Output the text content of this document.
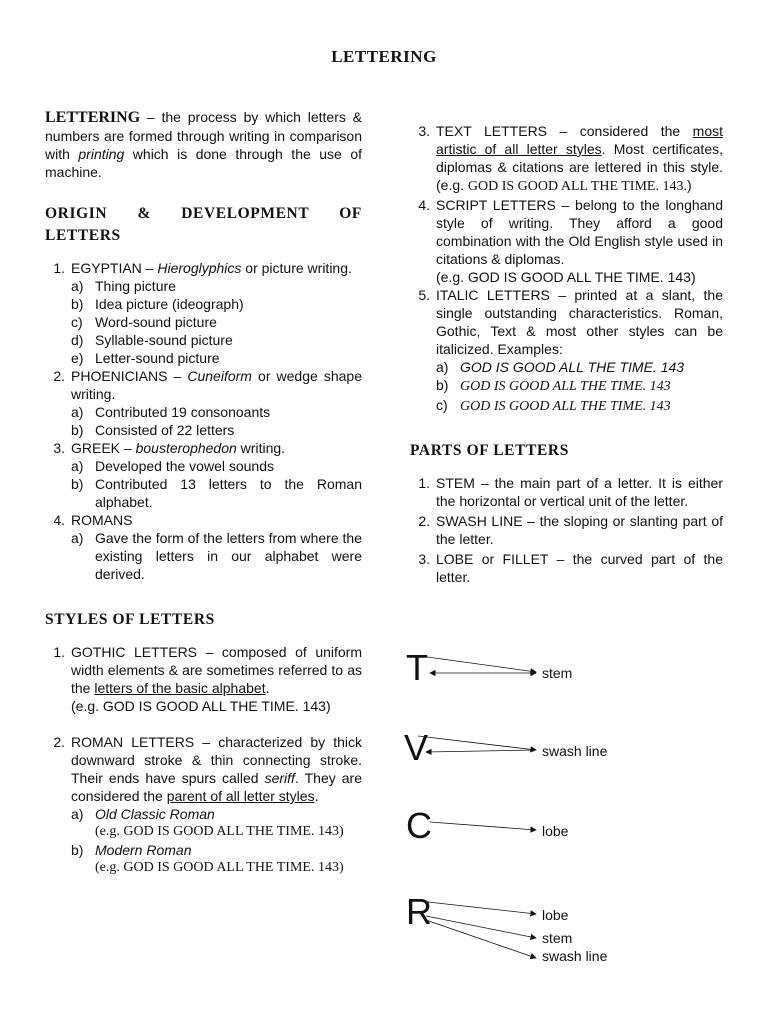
LETTERING

LETTERING – the process by which letters & numbers are formed through writing in comparison with printing which is done through the use of machine.

ORIGIN & DEVELOPMENT OF LETTERS
1. EGYPTIAN – Hieroglyphics or picture writing.
a) Thing picture
b) Idea picture (ideograph)
c) Word-sound picture
d) Syllable-sound picture
e) Letter-sound picture
2. PHOENICIANS – Cuneiform or wedge shape writing.
a) Contributed 19 consonoants
b) Consisted of 22 letters
3. GREEK – bousterophedon writing.
a) Developed the vowel sounds
b) Contributed 13 letters to the Roman alphabet.
4. ROMANS
a) Gave the form of the letters from where the existing letters in our alphabet were derived.
STYLES OF LETTERS
1. GOTHIC LETTERS – composed of uniform width elements & are sometimes referred to as the letters of the basic alphabet.
(e.g. GOD IS GOOD ALL THE TIME. 143)
2. ROMAN LETTERS – characterized by thick downward stroke & thin connecting stroke. Their ends have spurs called seriff. They are considered the parent of all letter styles.
a) Old Classic Roman

(e.g. GOD IS GOOD ALL THE TIME. 143)
b) Modern Roman

(e.g. GOD IS GOOD ALL THE TIME. 143)
3. TEXT LETTERS – considered the most artistic of all letter styles. Most certificates, diplomas & citations are lettered in this style. (e.g. GOD IS GOOD ALL THE TIME. 143.)
4. SCRIPT LETTERS – belong to the longhand style of writing. They afford a good combination with the Old English style used in citations & diplomas.
(e.g. GOD IS GOOD ALL THE TIME. 143)
5. ITALIC LETTERS – printed at a slant, the single outstanding characteristics. Roman, Gothic, Text & most other styles can be italicized. Examples:
a) GOD IS GOOD ALL THE TIME. 143
b) GOD IS GOOD ALL THE TIME. 143
c) GOD IS GOOD ALL THE TIME. 143
PARTS OF LETTERS
1. STEM – the main part of a letter. It is either the horizontal or vertical unit of the letter.
2. SWASH LINE – the sloping or slanting part of the letter.
3. LOBE or FILLET – the curved part of the letter.
T	stem
V	swash line
C	lobe
R	lobe
stem
swash line
